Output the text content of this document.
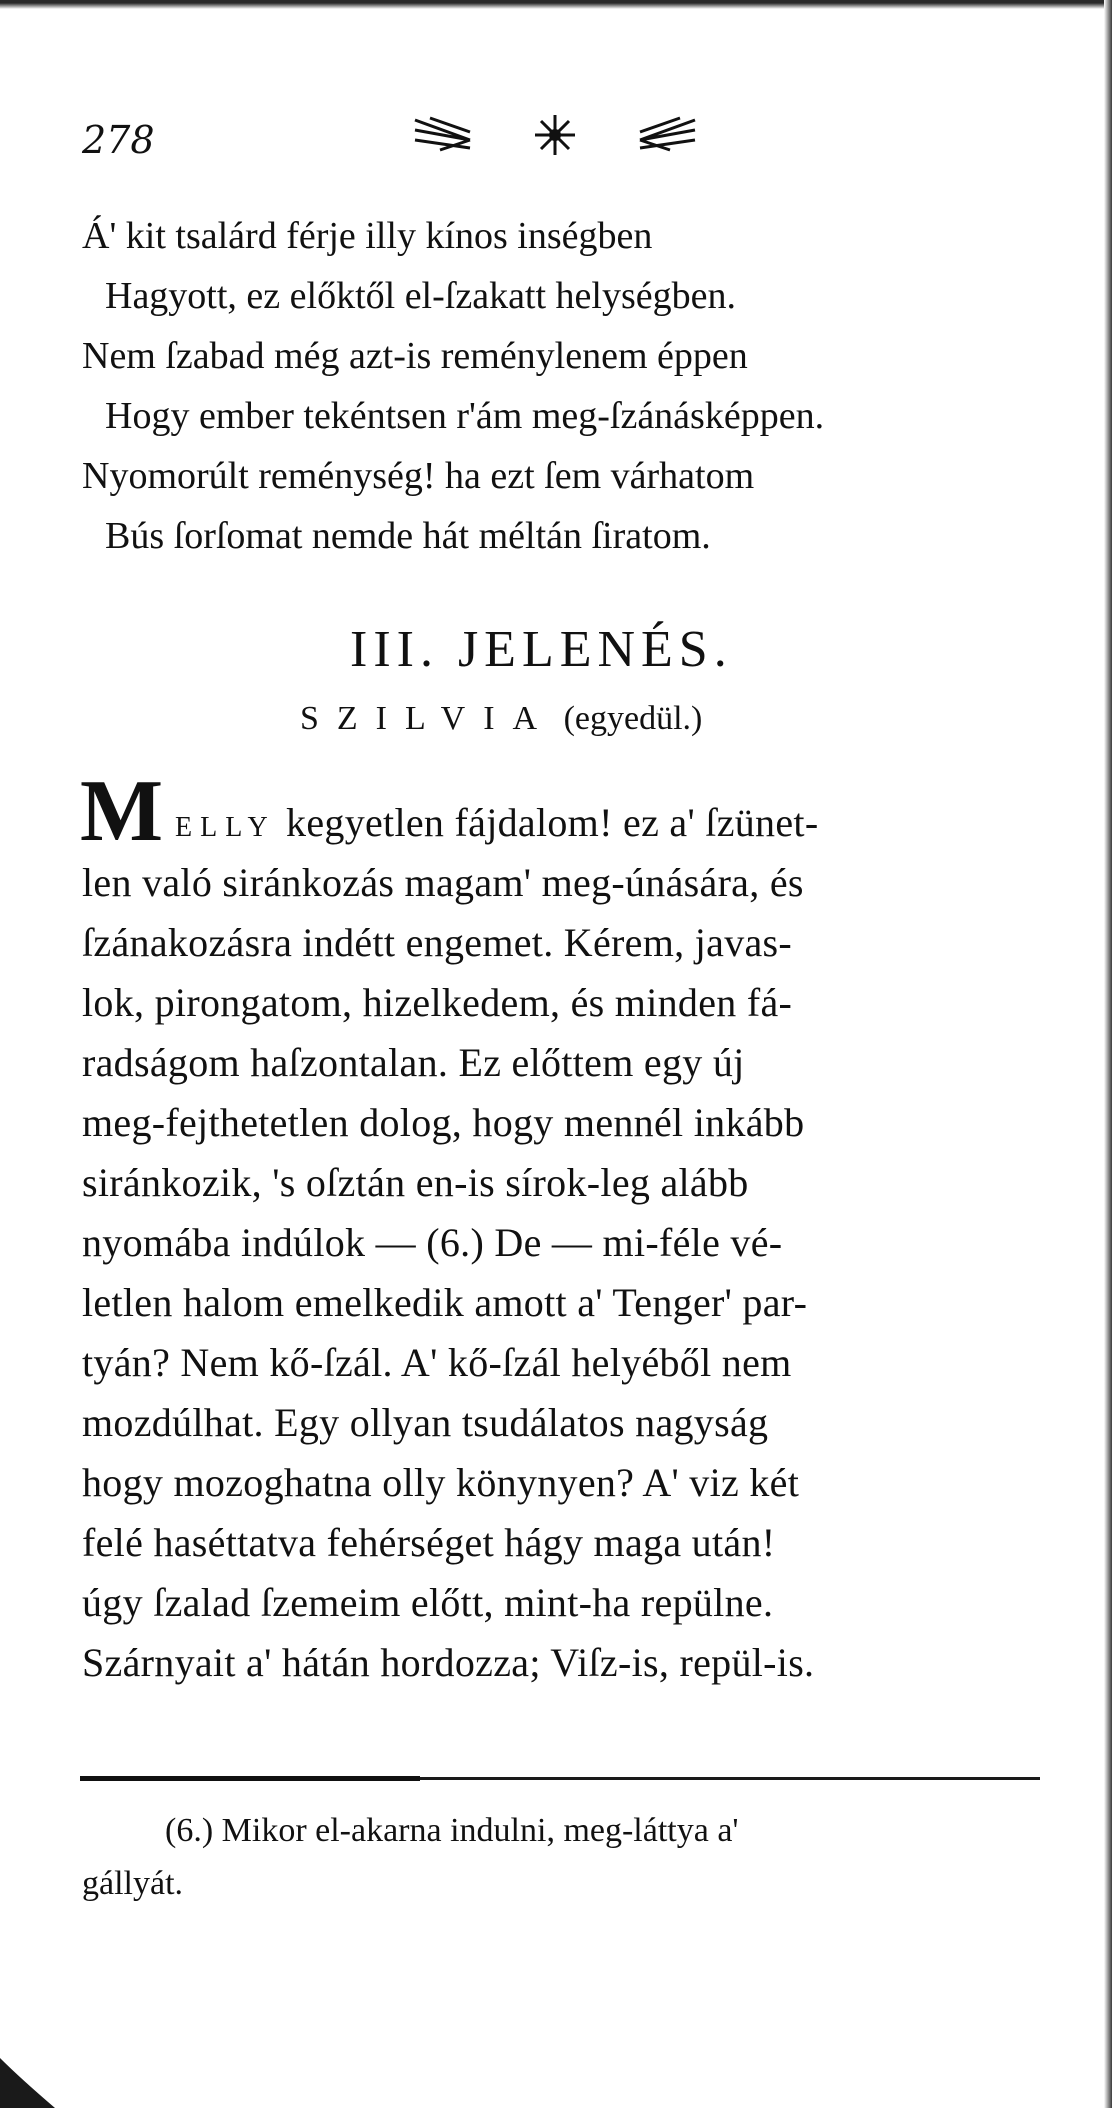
278
Á' kit tsalárd férje illy kínos inségben
Hagyott, ez előktől el-ſzakatt helységben.
Nem ſzabad még azt-is reménylenem éppen
Hogy ember tekéntsen r'ám meg-ſzánásképpen.
Nyomorúlt reménység! ha ezt ſem várhatom
Bús ſorſomat nemde hát méltán ſiratom.
III. JELENÉS.
SZILVIA (egyedül.)
M ELLY kegyetlen fájdalom! ez a' ſzünet-
len való siránkozás magam' meg-únására, és
ſzánakozásra indétt engemet. Kérem, javas-
lok, pirongatom, hizelkedem, és minden fá-
radságom haſzontalan. Ez előttem egy új
meg-fejthetetlen dolog, hogy mennél inkább
siránkozik, 's oſztán en-is sírok-leg alább
nyomába indúlok — (6.) De — mi-féle vé-
letlen halom emelkedik amott a' Tenger' par-
tyán? Nem kő-ſzál. A' kő-ſzál helyéből nem
mozdúlhat. Egy ollyan tsudálatos nagyság
hogy mozoghatna olly könynyen? A' viz két
felé haséttatva fehérséget hágy maga után!
úgy ſzalad ſzemeim előtt, mint-ha repülne.
Szárnyait a' hátán hordozza; Viſz-is, repül-is.
(6.) Mikor el-akarna indulni, meg-láttya a'
gállyát.
